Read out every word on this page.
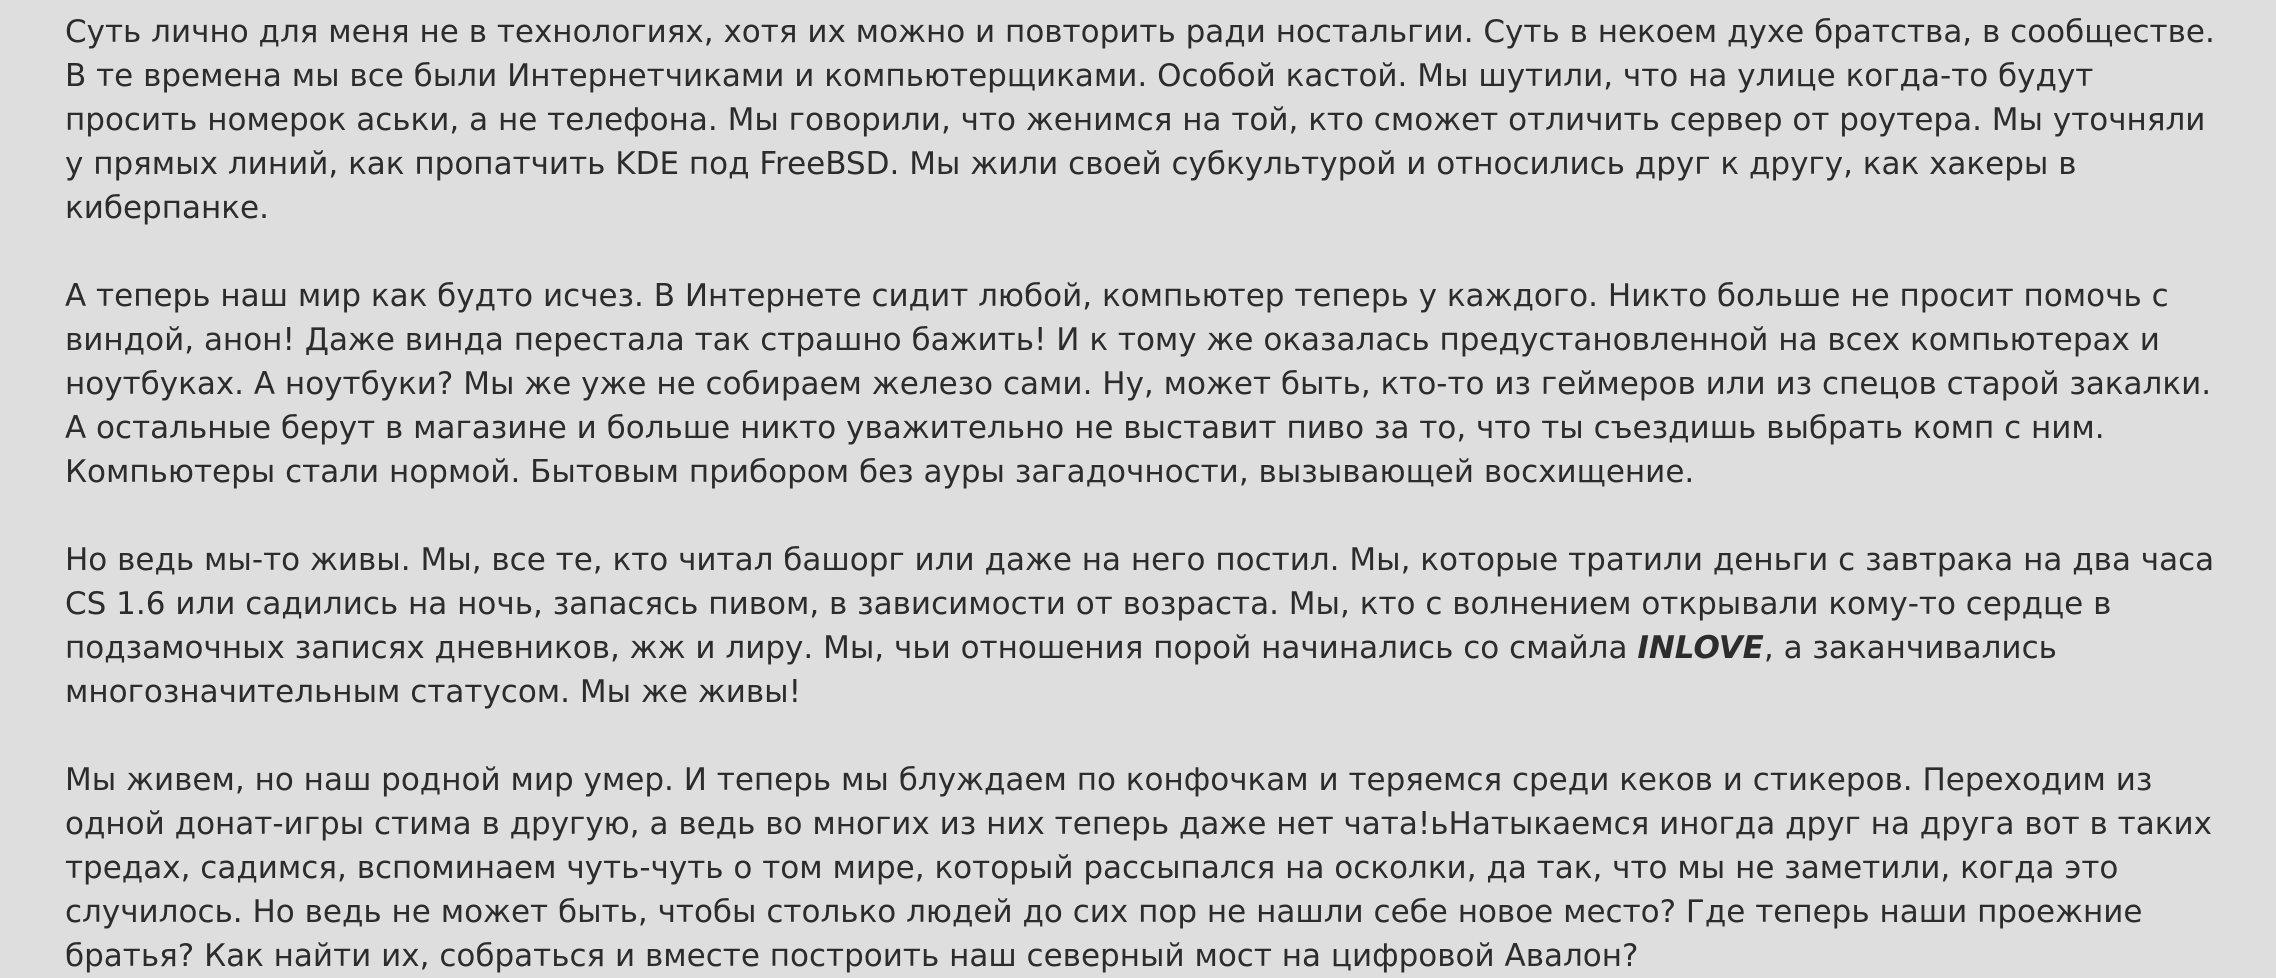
Суть лично для меня не в технологиях, хотя их можно и повторить ради ностальгии. Суть в некоем духе братства, в сообществе. В те времена мы все были Интернетчиками и компьютерщиками. Особой кастой. Мы шутили, что на улице когда-то будут просить номерок аськи, а не телефона. Мы говорили, что женимся на той, кто сможет отличить сервер от роутера. Мы уточняли у прямых линий, как пропатчить KDE под FreeBSD. Мы жили своей субкультурой и относились друг к другу, как хакеры в киберпанке.

А теперь наш мир как будто исчез. В Интернете сидит любой, компьютер теперь у каждого. Никто больше не просит помочь с виндой, анон! Даже винда перестала так страшно бажить! И к тому же оказалась предустановленной на всех компьютерах и ноутбуках. А ноутбуки? Мы же уже не собираем железо сами. Ну, может быть, кто-то из геймеров или из спецов старой закалки. А остальные берут в магазине и больше никто уважительно не выставит пиво за то, что ты съездишь выбрать комп с ним. Компьютеры стали нормой. Бытовым прибором без ауры загадочности, вызывающей восхищение.

Но ведь мы-то живы. Мы, все те, кто читал башорг или даже на него постил. Мы, которые тратили деньги с завтрака на два часа CS 1.6 или садились на ночь, запасясь пивом, в зависимости от возраста. Мы, кто с волнением открывали кому-то сердце в подзамочных записях дневников, жж и лиру. Мы, чьи отношения порой начинались со смайла INLOVE, а заканчивались многозначительным статусом. Мы же живы!

Мы живем, но наш родной мир умер. И теперь мы блуждаем по конфочкам и теряемся среди кеков и стикеров. Переходим из одной донат-игры стима в другую, а ведь во многих из них теперь даже нет чата!ьНатыкаемся иногда друг на друга вот в таких тредах, садимся, вспоминаем чуть-чуть о том мире, который рассыпался на осколки, да так, что мы не заметили, когда это случилось. Но ведь не может быть, чтобы столько людей до сих пор не нашли себе новое место? Где теперь наши проежние братья? Как найти их, собраться и вместе построить наш северный мост на цифровой Авалон?
